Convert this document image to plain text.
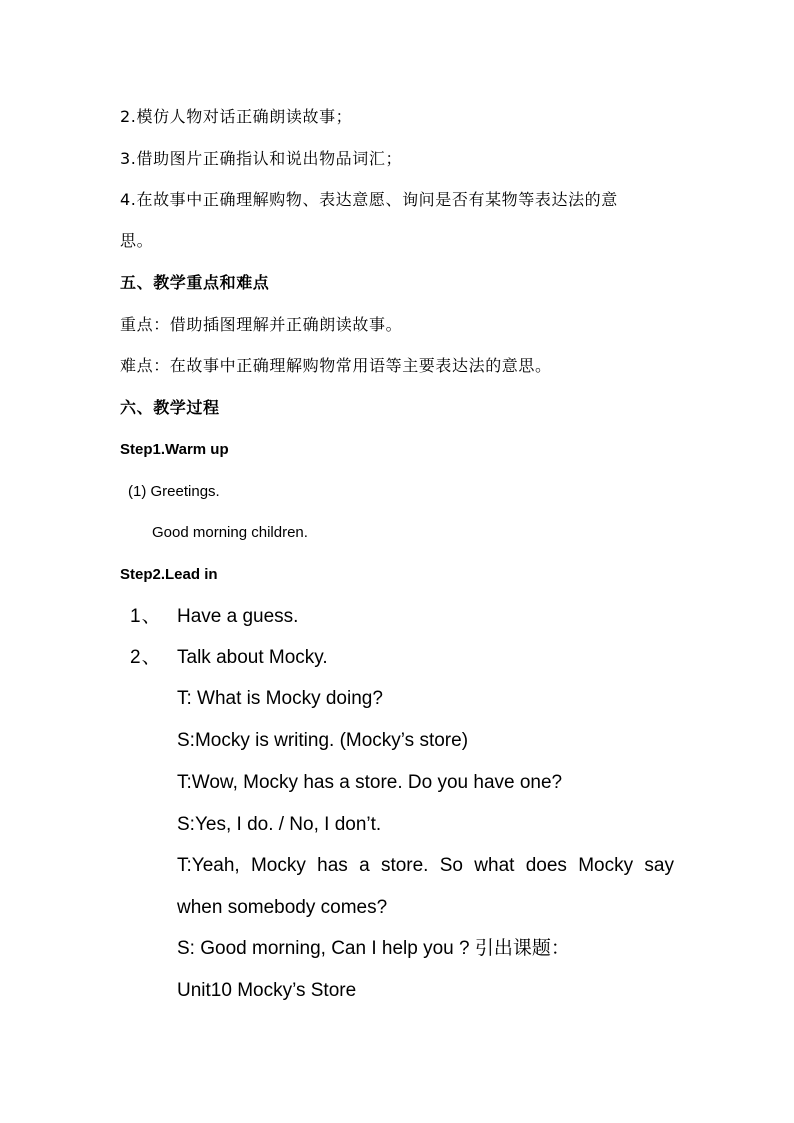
2.模仿人物对话正确朗读故事；
3.借助图片正确指认和说出物品词汇；
4.在故事中正确理解购物、表达意愿、询问是否有某物等表达法的意
思。
五、教学重点和难点
重点：借助插图理解并正确朗读故事。
难点：在故事中正确理解购物常用语等主要表达法的意思。
六、教学过程
Step1.Warm up
(1) Greetings.
Good morning children.
Step2.Lead in
1、 Have a guess.
2、 Talk about Mocky.
T: What is Mocky doing?
S:Mocky is writing. (Mocky’s store)
T:Wow, Mocky has a store. Do you have one?
S:Yes, I do. / No, I don’t.
T:Yeah, Mocky has a store. So what does Mocky say
when somebody comes?
S: Good morning, Can I help you ? 引出课题：
Unit10 Mocky’s Store
